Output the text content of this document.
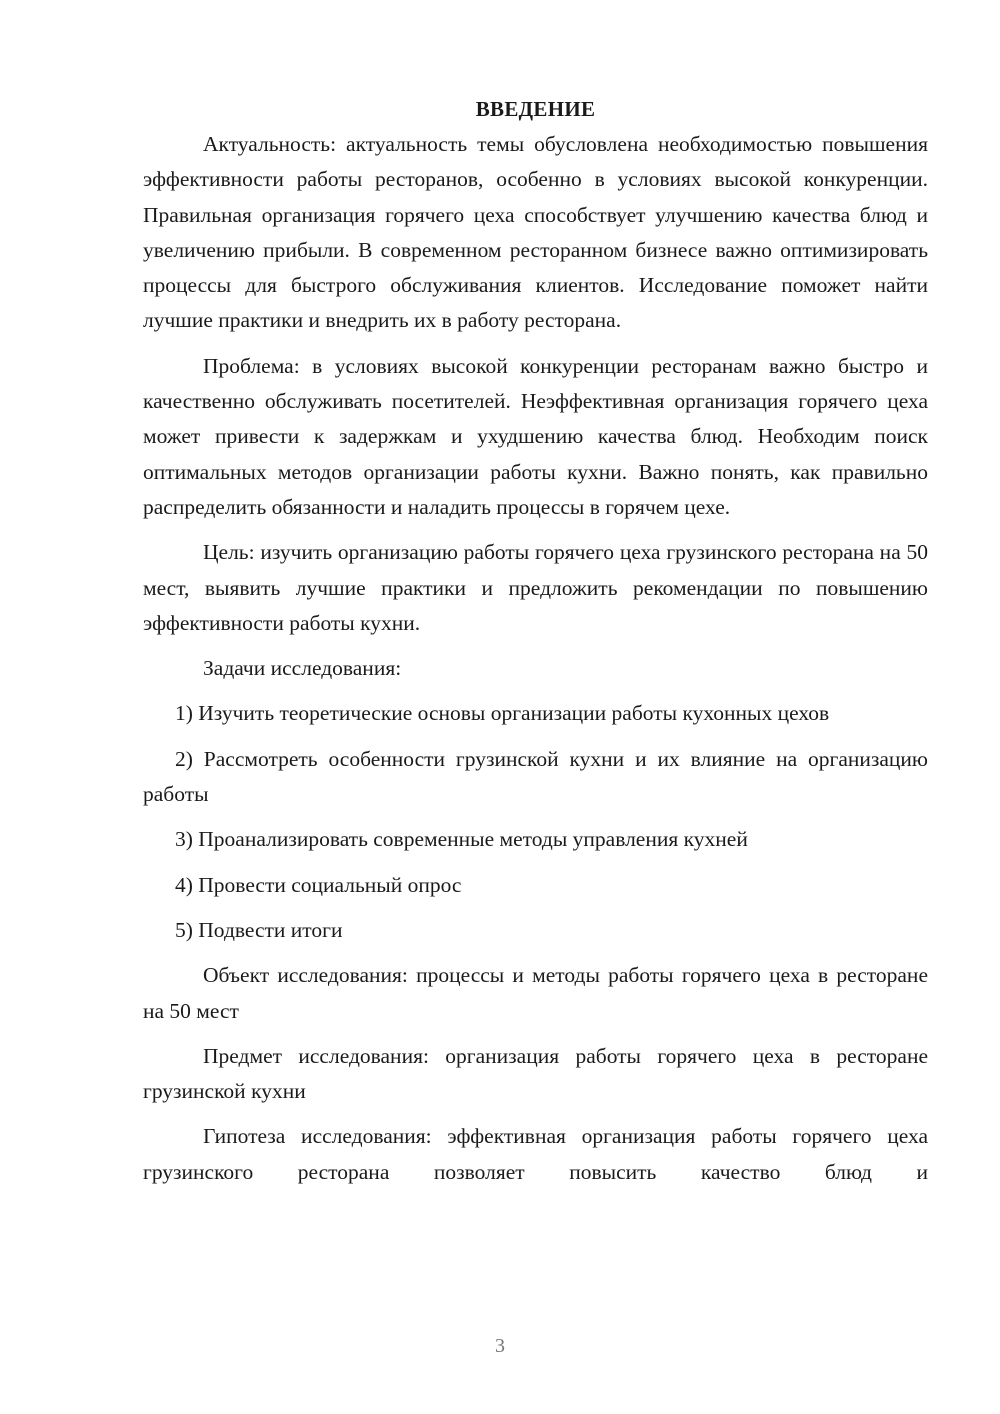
ВВЕДЕНИЕ

Актуальность: актуальность темы обусловлена необходимостью повышения эффективности работы ресторанов, особенно в условиях высокой конкуренции. Правильная организация горячего цеха способствует улучшению качества блюд и увеличению прибыли. В современном ресторанном бизнесе важно оптимизировать процессы для быстрого обслуживания клиентов. Исследование поможет найти лучшие практики и внедрить их в работу ресторана.

Проблема: в условиях высокой конкуренции ресторанам важно быстро и качественно обслуживать посетителей. Неэффективная организация горячего цеха может привести к задержкам и ухудшению качества блюд. Необходим поиск оптимальных методов организации работы кухни. Важно понять, как правильно распределить обязанности и наладить процессы в горячем цехе.

Цель: изучить организацию работы горячего цеха грузинского ресторана на 50 мест, выявить лучшие практики и предложить рекомендации по повышению эффективности работы кухни.

Задачи исследования:

1) Изучить теоретические основы организации работы кухонных цехов

2) Рассмотреть особенности грузинской кухни и их влияние на организацию работы

3) Проанализировать современные методы управления кухней

4) Провести социальный опрос

5) Подвести итоги

Объект исследования: процессы и методы работы горячего цеха в ресторане на 50 мест

Предмет исследования: организация работы горячего цеха в ресторане грузинской кухни

Гипотеза исследования: эффективная организация работы горячего цеха грузинского ресторана позволяет повысить качество блюд и

3
